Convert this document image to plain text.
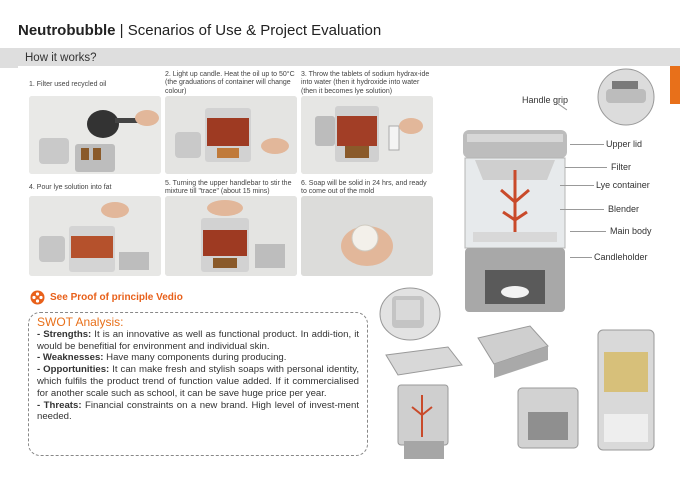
Neutrobubble | Scenarios of Use & Project Evaluation
How it works?
1. Filter used recycled oil
2. Light up candle. Heat the oil up to 50°C (the graduations of container will change colour)
3. Throw the tablets of sodium hydrax-ide into water (then it hydroxide into water (then it becomes lye solution)
4. Pour lye solution into fat
5. Turning the upper handlebar to stir the mixture till "trace" (about 15 mins)
6. Soap will be solid in 24 hrs, and ready to come out of the mold
See Proof of principle Vedio
SWOT Analysis:

- Strengths: It is an innovative as well as functional product. In addi-tion, it would be benefitial for environment and individual skin.

- Weaknesses: Have many components during producing.

- Opportunities: It can make fresh and stylish soaps with personal identity, which fulfils the product trend of function value added. If it commercialised for another scale such as school, it can be save huge price per year.

- Threats: Financial constraints on a new brand. High level of invest-ment needed.

Handle grip
Upper lid
Filter
Lye container
Blender
Main body
Candleholder
